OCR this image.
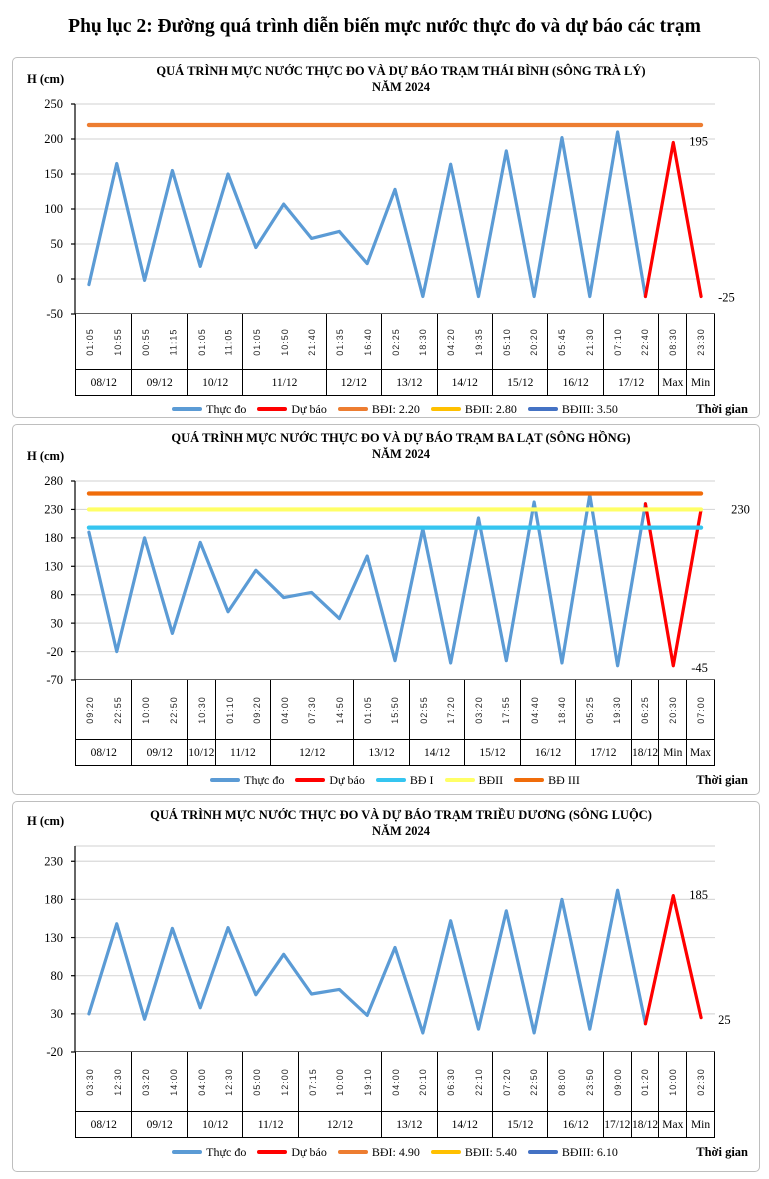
Phụ lục 2: Đường quá trình diễn biến mực nước thực đo và dự báo các trạm
QUÁ TRÌNH MỰC NƯỚC THỰC ĐO VÀ DỰ BÁO TRẠM THÁI BÌNH (SÔNG TRÀ LÝ)
NĂM 2024
H (cm)
250
200
150
100
50
0
-50
195
-25
01:05 10:55
08/12
00:55 11:15
09/12
01:05 11:05
10/12
01:05 10:50 21:40
11/12
01:35 16:40
12/12
02:25 18:30
13/12
04:20 19:35
14/12
05:10 20:20
15/12
05:45 21:30
16/12
07:10 22:40
17/12
08:30
Max
23:30
Min
Thực đo	Dự báo	BĐI: 2.20	BĐII: 2.80	BĐIII: 3.50	Thời gian
QUÁ TRÌNH MỰC NƯỚC THỰC ĐO VÀ DỰ BÁO TRẠM BA LẠT (SÔNG HỒNG)
NĂM 2024
H (cm)
280
230
180
130
80
30
-20
-70
230
-45
09:20 22:55
08/12
10:00 22:50
09/12
10:30
10/12
01:10 09:20
11/12
04:00 07:30 14:50
12/12
01:05 15:50
13/12
02:55 17:20
14/12
03:20 17:55
15/12
04:40 18:40
16/12
05:25 19:30
17/12
06:25
18/12
20:30
Min
07:00
Max
Thực đo	Dự báo	BĐ I	BĐII	BĐ III	Thời gian
QUÁ TRÌNH MỰC NƯỚC THỰC ĐO VÀ DỰ BÁO TRẠM TRIỀU DƯƠNG (SÔNG LUỘC)
NĂM 2024
H (cm)
230
180
130
80
30
-20
185
25
03:30 12:30
08/12
03:20 14:00
09/12
04:00 12:30
10/12
05:00 12:00
11/12
07:15 10:00 19:10
12/12
04:00 20:10
13/12
06:30 22:10
14/12
07:20 22:50
15/12
08:00 23:50
16/12
09:00
17/12
01:20
18/12
10:00
Max
02:30
Min
Thực đo	Dự báo	BĐI: 4.90	BĐII: 5.40	BĐIII: 6.10	Thời gian
